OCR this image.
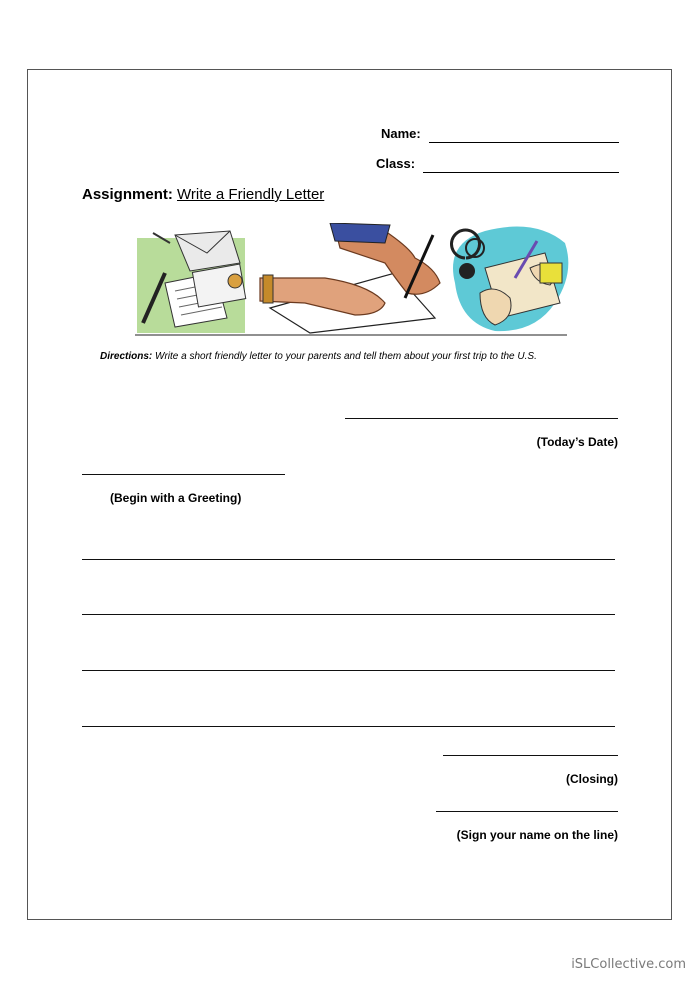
Name:
Class:
Assignment: Write a Friendly Letter
Directions: Write a short friendly letter to your parents and tell them about your first trip to the U.S.
(Today’s Date)
(Begin with a Greeting)
(Closing)
(Sign your name on the line)
iSLCollective.com
